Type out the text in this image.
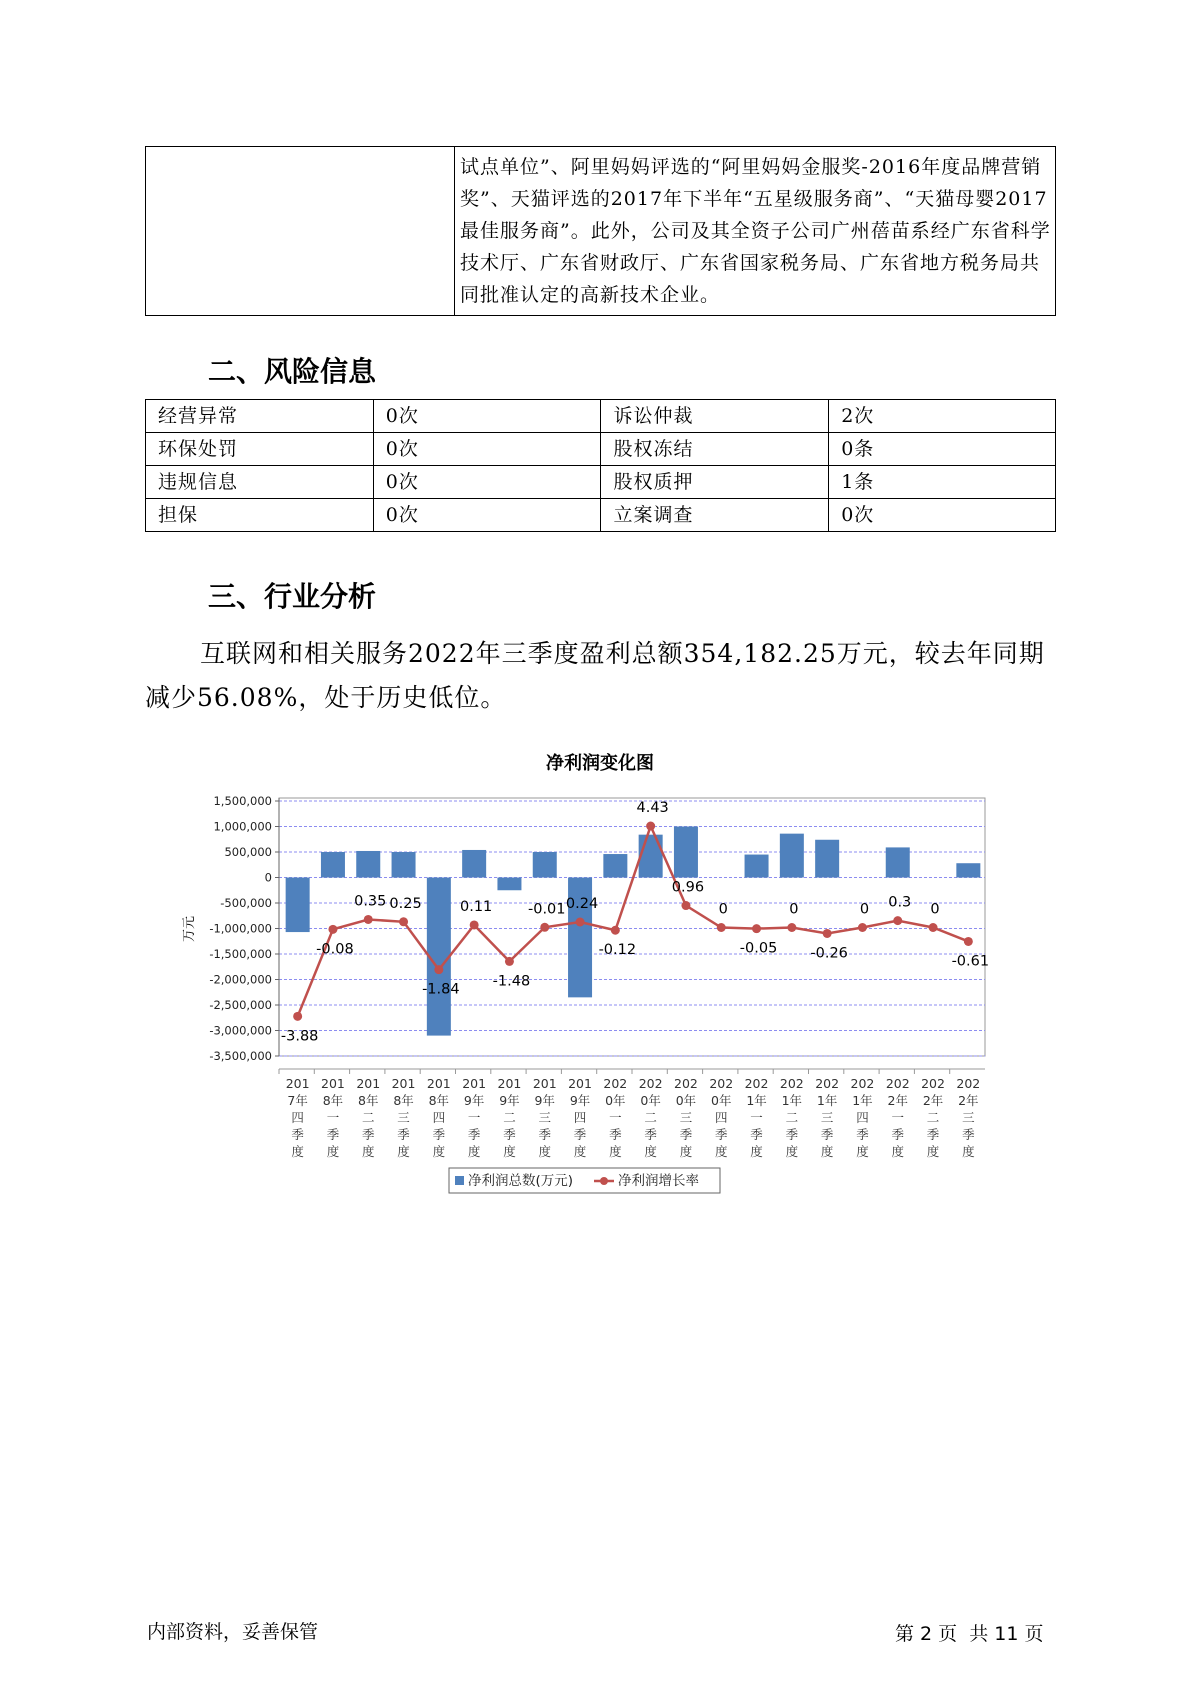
	试点单位”、阿里妈妈评选的“阿里妈妈金服奖-2016年度品牌营销奖”、天猫评选的2017年下半年“五星级服务商”、“天猫母婴2017最佳服务商”。此外，公司及其全资子公司广州蓓苗系经广东省科学技术厅、广东省财政厅、广东省国家税务局、广东省地方税务局共同批准认定的高新技术企业。
二、风险信息
经营异常	0次	诉讼仲裁	2次
环保处罚	0次	股权冻结	0条
违规信息	0次	股权质押	1条
担保	0次	立案调查	0次
三、行业分析
互联网和相关服务2022年三季度盈利总额354,182.25万元，较去年同期减少56.08%，处于历史低位。
净利润变化图
1,500,000
1,000,000
500,000
0
-500,000
-1,000,000
-1,500,000
-2,000,000
-2,500,000
-3,000,000
-3,500,000
万元
-3.88
-0.08
0.35 0.25
-1.84
0.11
-1.48
-0.01 0.24
-0.12
4.43
0.96
0
-0.05
0
-0.26
0 0.3 0
-0.61
201
7年
四
季
度
201
8年
一
季
度
201
8年
二
季
度
201
8年
三
季
度
201
8年
四
季
度
201
9年
一
季
度
201
9年
二
季
度
201
9年
三
季
度
201
9年
四
季
度
202
0年
一
季
度
202
0年
二
季
度
202
0年
三
季
度
202
0年
四
季
度
202
1年
一
季
度
202
1年
二
季
度
202
1年
三
季
度
202
1年
四
季
度
202
2年
一
季
度
202
2年
二
季
度
202
2年
三
季
度
净利润总数(万元)	净利润增长率
内部资料，妥善保管	第 2 页  共 11 页
